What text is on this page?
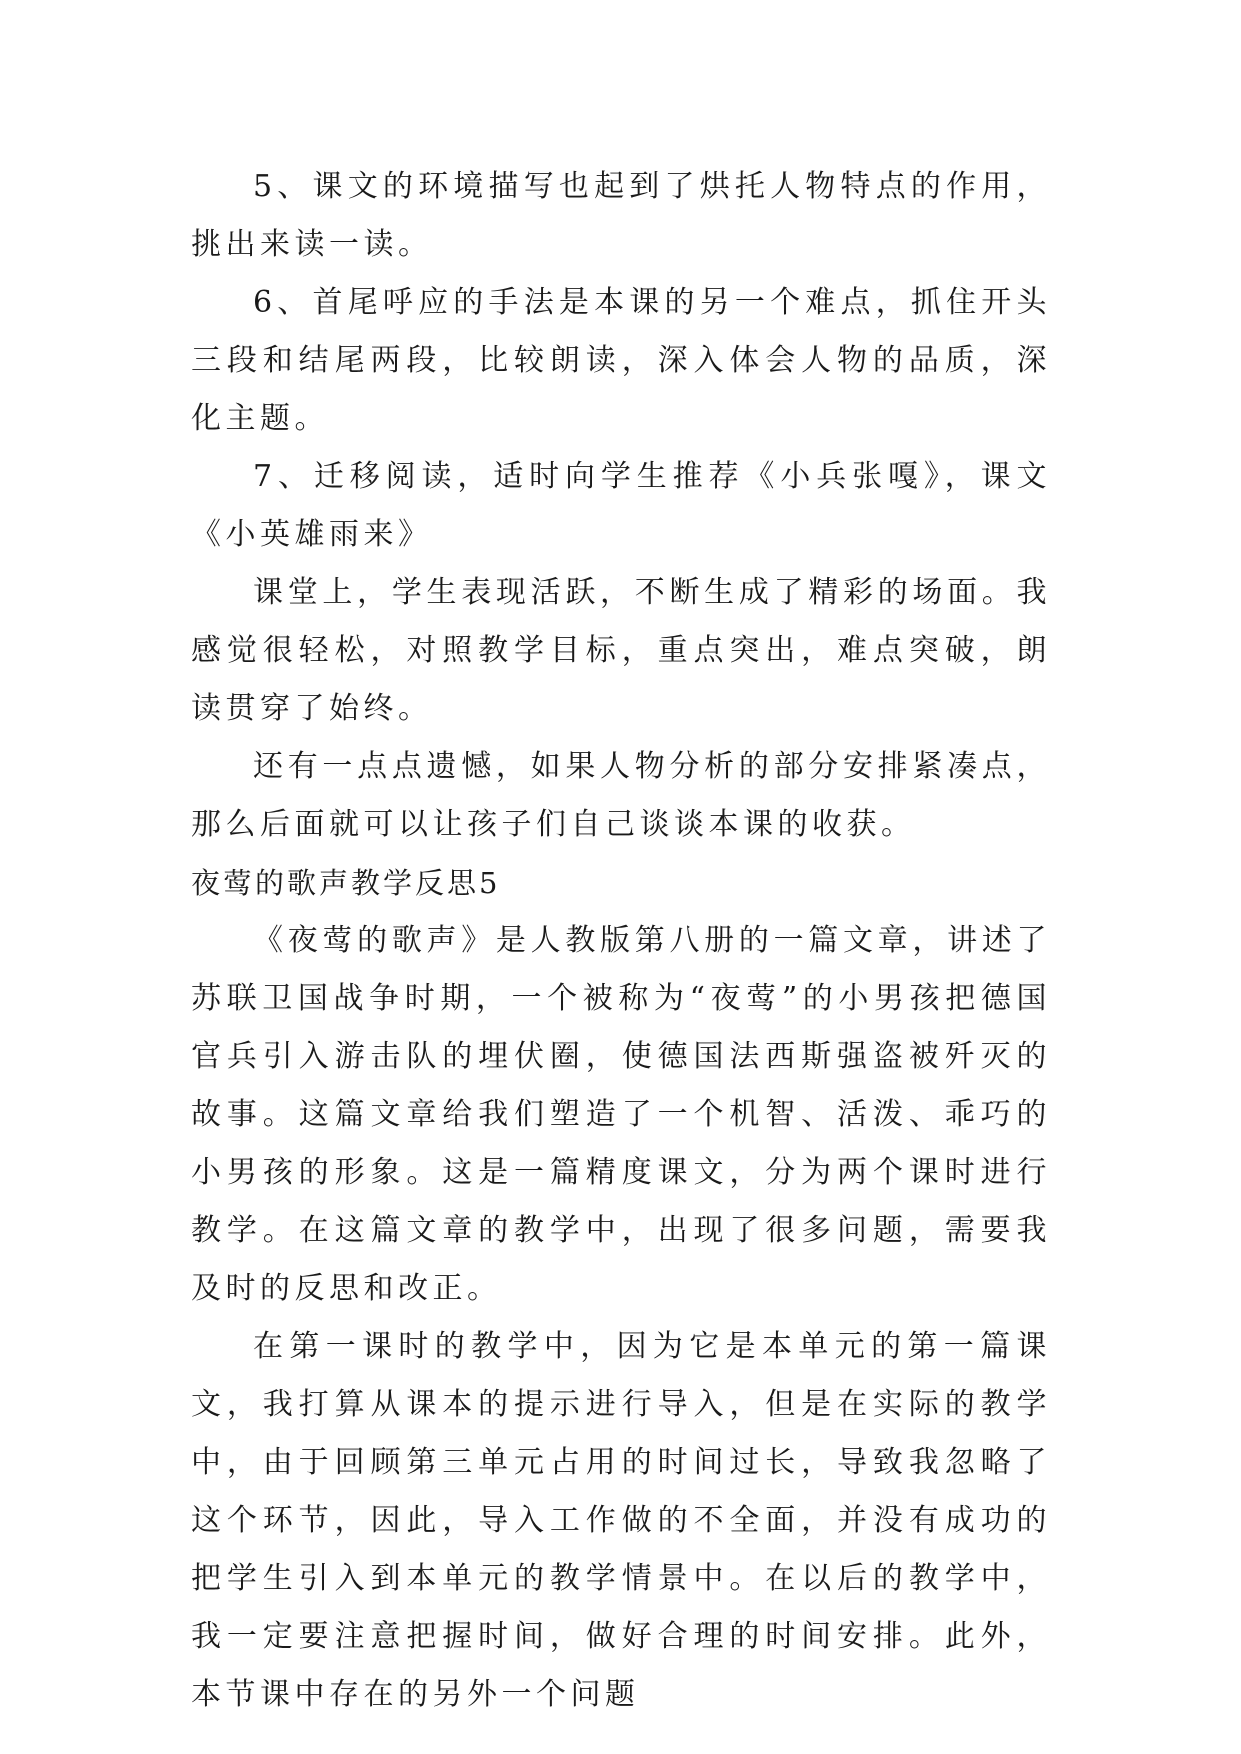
5、课文的环境描写也起到了烘托人物特点的作用，挑出来读一读。

6、首尾呼应的手法是本课的另一个难点，抓住开头三段和结尾两段，比较朗读，深入体会人物的品质，深化主题。

7、迁移阅读，适时向学生推荐《小兵张嘎》，课文《小英雄雨来》

课堂上，学生表现活跃，不断生成了精彩的场面。我感觉很轻松，对照教学目标，重点突出，难点突破，朗读贯穿了始终。

还有一点点遗憾，如果人物分析的部分安排紧凑点，那么后面就可以让孩子们自己谈谈本课的收获。

夜莺的歌声教学反思5

《夜莺的歌声》是人教版第八册的一篇文章，讲述了苏联卫国战争时期，一个被称为“夜莺”的小男孩把德国官兵引入游击队的埋伏圈，使德国法西斯强盗被歼灭的故事。这篇文章给我们塑造了一个机智、活泼、乖巧的小男孩的形象。这是一篇精度课文，分为两个课时进行教学。在这篇文章的教学中，出现了很多问题，需要我及时的反思和改正。

在第一课时的教学中，因为它是本单元的第一篇课文，我打算从课本的提示进行导入，但是在实际的教学中，由于回顾第三单元占用的时间过长，导致我忽略了这个环节，因此，导入工作做的不全面，并没有成功的把学生引入到本单元的教学情景中。在以后的教学中，我一定要注意把握时间，做好合理的时间安排。此外，本节课中存在的另外一个问题
